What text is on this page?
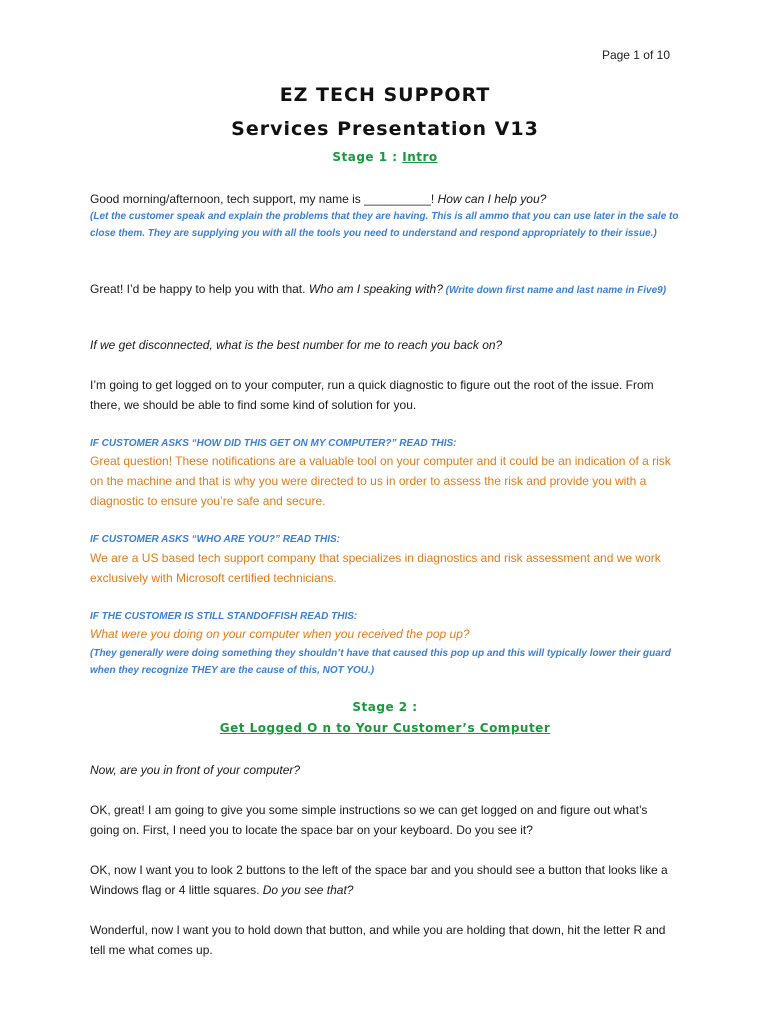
Page 1 of 10
EZ TECH SUPPORT
Services Presentation V13
Stage 1 : Intro
Good morning/afternoon, tech support, my name is __________! How can I help you?
(Let the customer speak and explain the problems that they are having. This is all ammo that you can use later in the sale to close them. They are supplying you with all the tools you need to understand and respond appropriately to their issue.)
Great! I’d be happy to help you with that. Who am I speaking with? (Write down first name and last name in Five9)
If we get disconnected, what is the best number for me to reach you back on?
I’m going to get logged on to your computer, run a quick diagnostic to figure out the root of the issue. From there, we should be able to find some kind of solution for you.
IF CUSTOMER ASKS “HOW DID THIS GET ON MY COMPUTER?” READ THIS:
Great question! These notifications are a valuable tool on your computer and it could be an indication of a risk on the machine and that is why you were directed to us in order to assess the risk and provide you with a diagnostic to ensure you’re safe and secure.
IF CUSTOMER ASKS “WHO ARE YOU?” READ THIS:
We are a US based tech support company that specializes in diagnostics and risk assessment and we work exclusively with Microsoft certified technicians.
IF THE CUSTOMER IS STILL STANDOFFISH READ THIS:
What were you doing on your computer when you received the pop up?
(They generally were doing something they shouldn’t have that caused this pop up and this will typically lower their guard when they recognize THEY are the cause of this, NOT YOU.)
Stage 2 :
Get Logged O n to Your Customer’s Computer
Now, are you in front of your computer?
OK, great! I am going to give you some simple instructions so we can get logged on and figure out what’s going on. First, I need you to locate the space bar on your keyboard. Do you see it?
OK, now I want you to look 2 buttons to the left of the space bar and you should see a button that looks like a Windows flag or 4 little squares. Do you see that?
Wonderful, now I want you to hold down that button, and while you are holding that down, hit the letter R and tell me what comes up.
